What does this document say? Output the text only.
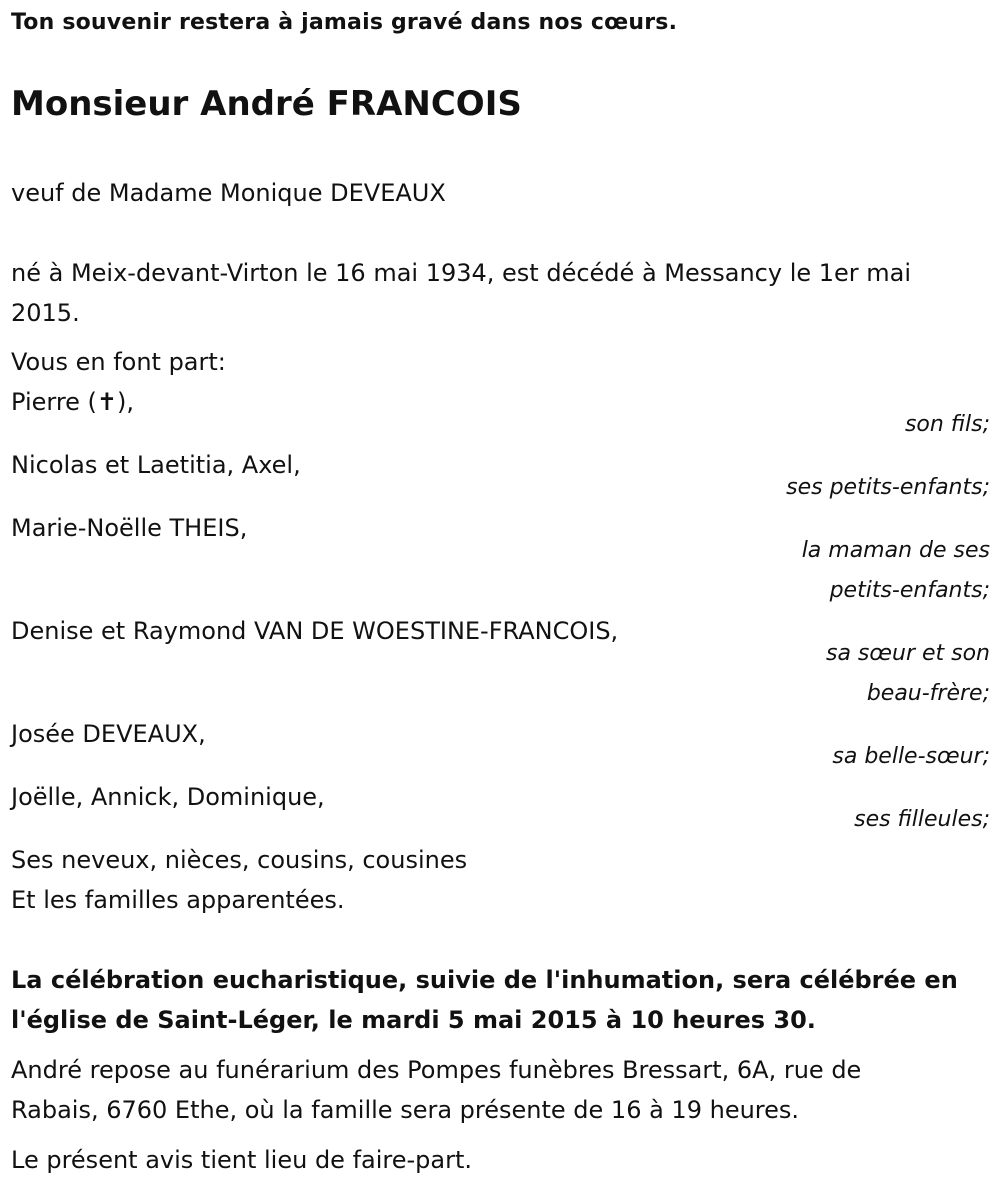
Ton souvenir restera à jamais gravé dans nos cœurs.
Monsieur André FRANCOIS
veuf de Madame Monique DEVEAUX
né à Meix-devant-Virton le 16 mai 1934, est décédé à Messancy le 1er mai
2015.
Vous en font part:
Pierre (✝),
son fils;
Nicolas et Laetitia, Axel,
ses petits-enfants;
Marie-Noëlle THEIS,
la maman de ses
petits-enfants;
Denise et Raymond VAN DE WOESTINE-FRANCOIS,
sa sœur et son
beau-frère;
Josée DEVEAUX,
sa belle-sœur;
Joëlle, Annick, Dominique,
ses filleules;
Ses neveux, nièces, cousins, cousines
Et les familles apparentées.
La célébration eucharistique, suivie de l'inhumation, sera célébrée en
l'église de Saint-Léger, le mardi 5 mai 2015 à 10 heures 30.
André repose au funérarium des Pompes funèbres Bressart, 6A, rue de
Rabais, 6760 Ethe, où la famille sera présente de 16 à 19 heures.
Le présent avis tient lieu de faire-part.
